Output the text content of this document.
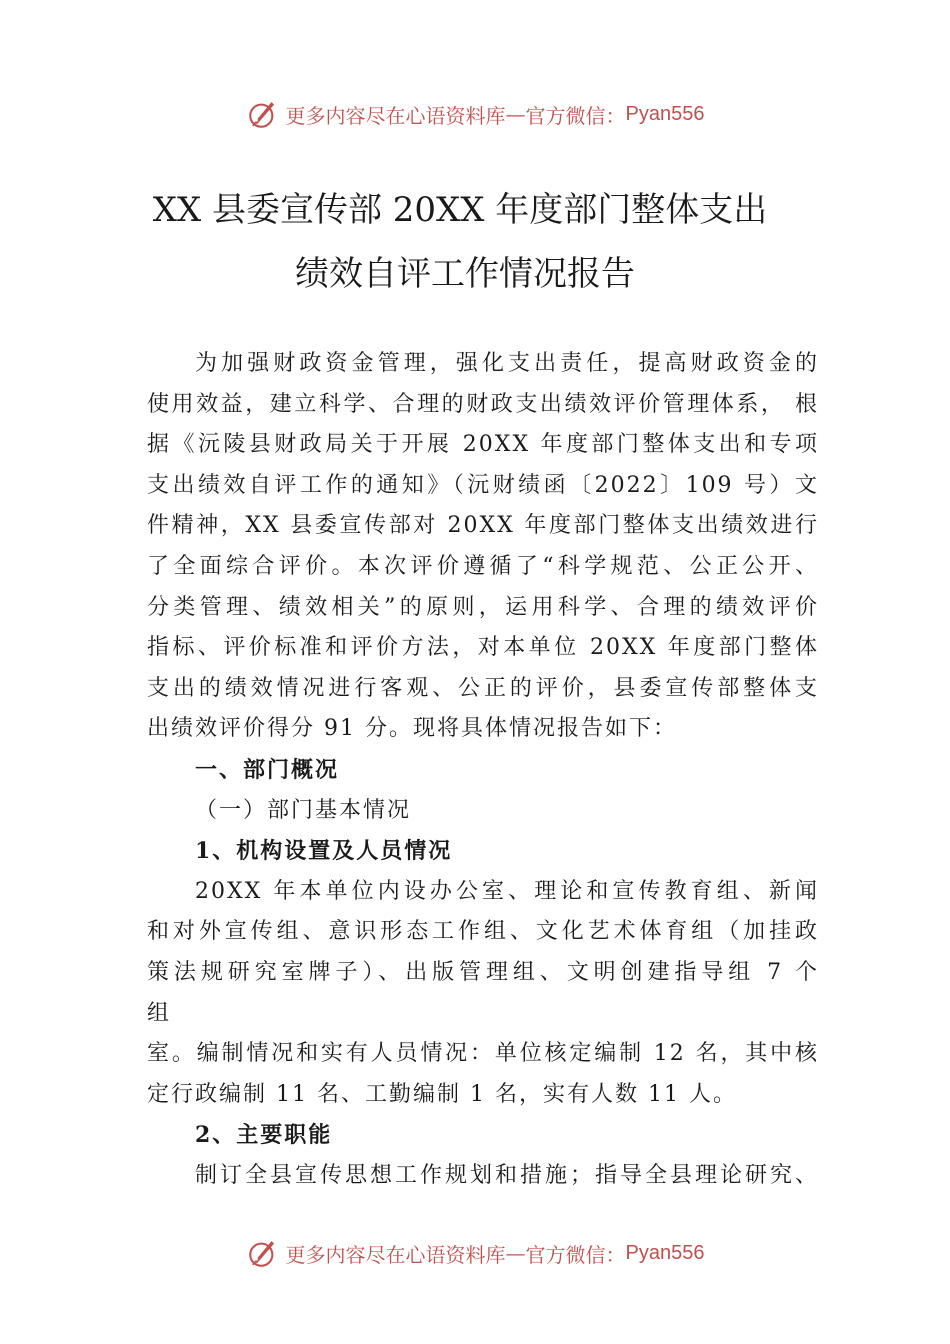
更多内容尽在心语资料库 — 官方微信： Pyan556
XX 县委宣传部 20XX 年度部门整体支出
绩效自评工作情况报告
为加强财政资金管理，强化支出责任，提高财政资金的
使用效益，建立科学、合理的财政支出绩效评价管理体系， 根
据《沅陵县财政局关于开展 20XX 年度部门整体支出和专项
支出绩效自评工作的通知》（沅财绩函〔2022〕109 号）文
件精神，XX 县委宣传部对 20XX 年度部门整体支出绩效进行
了全面综合评价。本次评价遵循了“科学规范、公正公开、
分类管理、绩效相关”的原则，运用科学、合理的绩效评价
指标、评价标准和评价方法，对本单位 20XX 年度部门整体
支出的绩效情况进行客观、公正的评价，县委宣传部整体支
出绩效评价得分 91 分。现将具体情况报告如下：
一、部门概况
（一）部门基本情况
1、机构设置及人员情况
20XX 年本单位内设办公室、理论和宣传教育组、新闻
和对外宣传组、意识形态工作组、文化艺术体育组（加挂政
策法规研究室牌子）、出版管理组、文明创建指导组 7 个
组
室。编制情况和实有人员情况：单位核定编制 12 名，其中核
定行政编制 11 名、工勤编制 1 名，实有人数 11 人。
2、主要职能
制订全县宣传思想工作规划和措施；指导全县理论研究、
更多内容尽在心语资料库 — 官方微信： Pyan556
